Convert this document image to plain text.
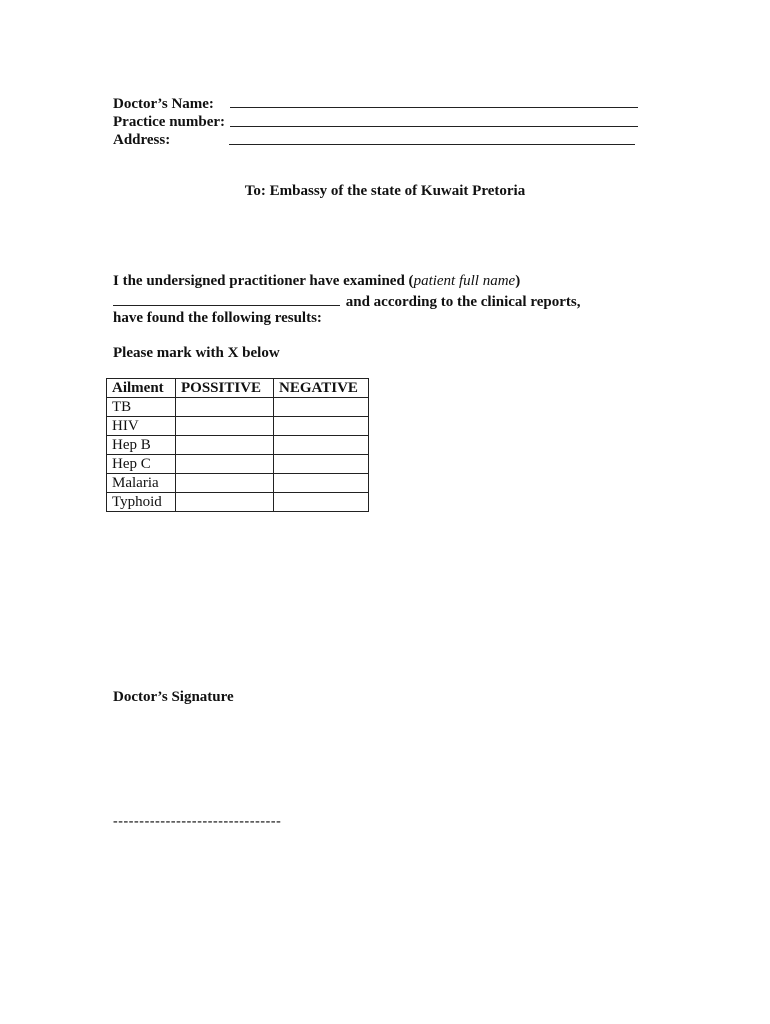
Doctor’s Name:
Practice number:
Address:
To: Embassy of the state of Kuwait Pretoria
I the undersigned practitioner have examined (patient full name)
and according to the clinical reports,
have found the following results:
Please mark with X below
Ailment	POSSITIVE	NEGATIVE
TB		
HIV		
Hep B		
Hep C		
Malaria		
Typhoid		
Doctor’s Signature
--------------------------------
